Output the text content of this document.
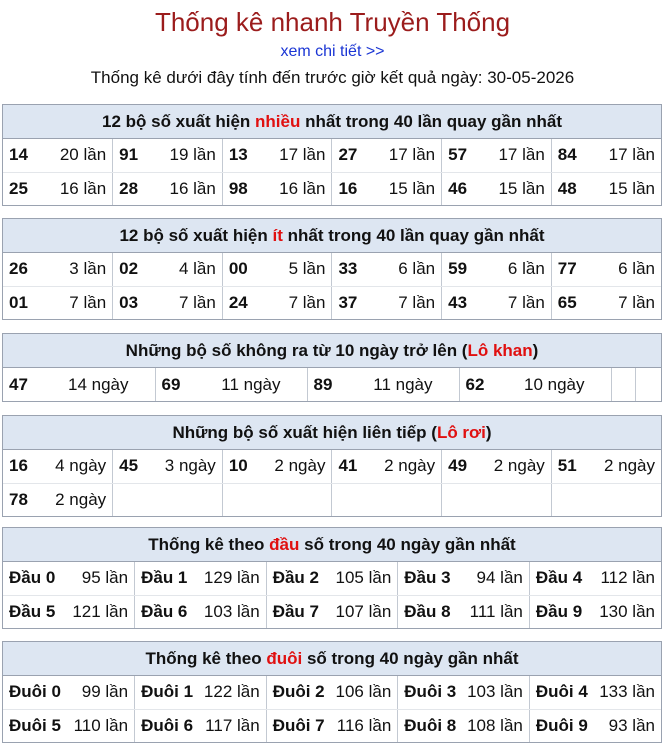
Thống kê nhanh Truyền Thống
xem chi tiết >>
Thống kê dưới đây tính đến trước giờ kết quả ngày: 30-05-2026
12 bộ số xuất hiện nhiều nhất trong 40 lần quay gần nhất
14 20 lần	91 19 lần	13 17 lần	27 17 lần	57 17 lần	84 17 lần

25 16 lần	28 16 lần	98 16 lần	16 15 lần	46 15 lần	48 15 lần
12 bộ số xuất hiện ít nhất trong 40 lần quay gần nhất
26 3 lần	02 4 lần	00 5 lần	33 6 lần	59 6 lần	77 6 lần

01 7 lần	03 7 lần	24 7 lần	37 7 lần	43 7 lần	65 7 lần
Những bộ số không ra từ 10 ngày trở lên (Lô khan)
47 14 ngày	69 11 ngày	89 11 ngày	62 10 ngày

Những bộ số xuất hiện liên tiếp (Lô rơi)
16 4 ngày	45 3 ngày	10 2 ngày	41 2 ngày	49 2 ngày	51 2 ngày

78 2 ngày					

Thống kê theo đầu số trong 40 ngày gần nhất
Đầu 0 95 lần	Đầu 1 129 lần	Đầu 2 105 lần	Đầu 3 94 lần	Đầu 4 112 lần

Đầu 5 121 lần	Đầu 6 103 lần	Đầu 7 107 lần	Đầu 8 111 lần	Đầu 9 130 lần
Thống kê theo đuôi số trong 40 ngày gần nhất
Đuôi 0 99 lần	Đuôi 1 122 lần	Đuôi 2 106 lần	Đuôi 3 103 lần	Đuôi 4 133 lần

Đuôi 5 110 lần	Đuôi 6 117 lần	Đuôi 7 116 lần	Đuôi 8 108 lần	Đuôi 9 93 lần
